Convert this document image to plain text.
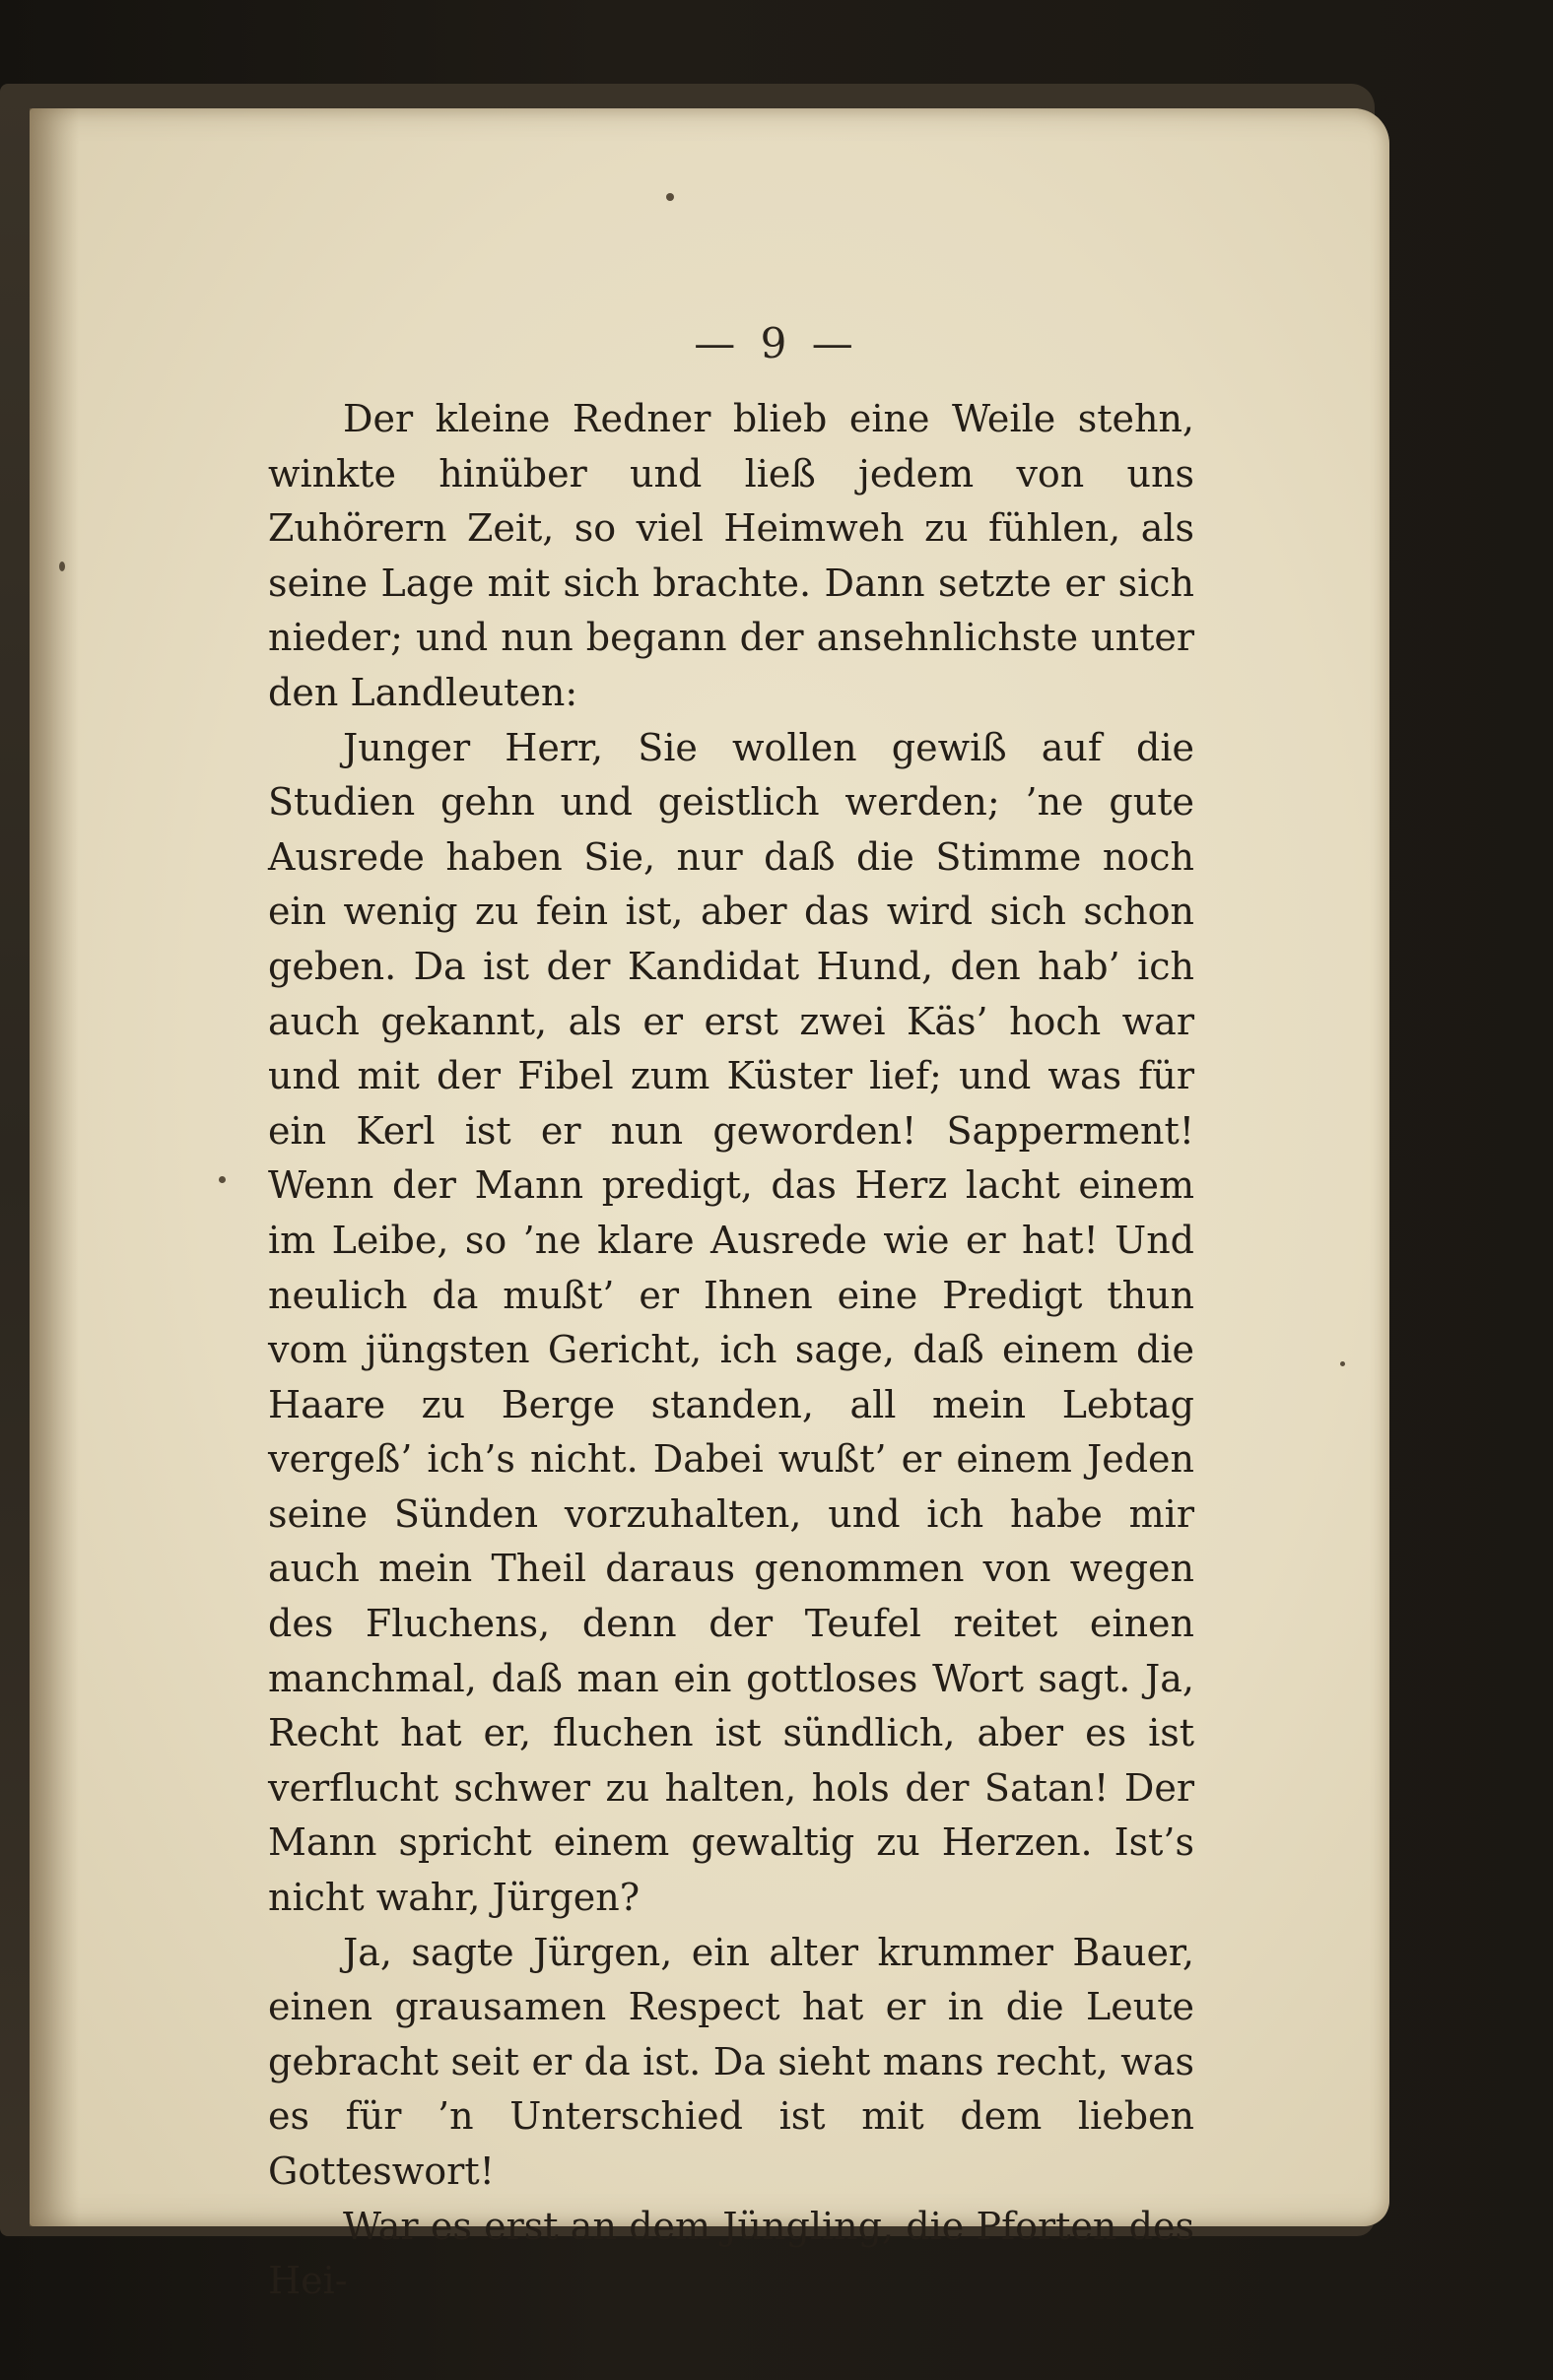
— 9 —

Der kleine Redner blieb eine Weile stehn, winkte hinüber und ließ jedem von uns Zuhörern Zeit, so viel Heimweh zu fühlen, als seine Lage mit sich brachte. Dann setzte er sich nieder; und nun begann der ansehnlichste unter den Landleuten:

Junger Herr, Sie wollen gewiß auf die Studien gehn und geistlich werden; ’ne gute Ausrede haben Sie, nur daß die Stimme noch ein wenig zu fein ist, aber das wird sich schon geben. Da ist der Kandidat Hund, den hab’ ich auch gekannt, als er erst zwei Käs’ hoch war und mit der Fibel zum Küster lief; und was für ein Kerl ist er nun geworden! Sapperment! Wenn der Mann predigt, das Herz lacht einem im Leibe, so ’ne klare Ausrede wie er hat! Und neulich da mußt’ er Ihnen eine Predigt thun vom jüngsten Gericht, ich sage, daß einem die Haare zu Berge standen, all mein Lebtag vergeß’ ich’s nicht. Dabei wußt’ er einem Jeden seine Sünden vorzuhalten, und ich habe mir auch mein Theil daraus genommen von wegen des Fluchens, denn der Teufel reitet einen manchmal, daß man ein gottloses Wort sagt. Ja, Recht hat er, fluchen ist sündlich, aber es ist verflucht schwer zu halten, hols der Satan! Der Mann spricht einem gewaltig zu Herzen. Ist’s nicht wahr, Jürgen?

Ja, sagte Jürgen, ein alter krummer Bauer, einen grausamen Respect hat er in die Leute gebracht seit er da ist. Da sieht mans recht, was es für ’n Unterschied ist mit dem lieben Gotteswort!

War es erst an dem Jüngling, die Pforten des Hei-
